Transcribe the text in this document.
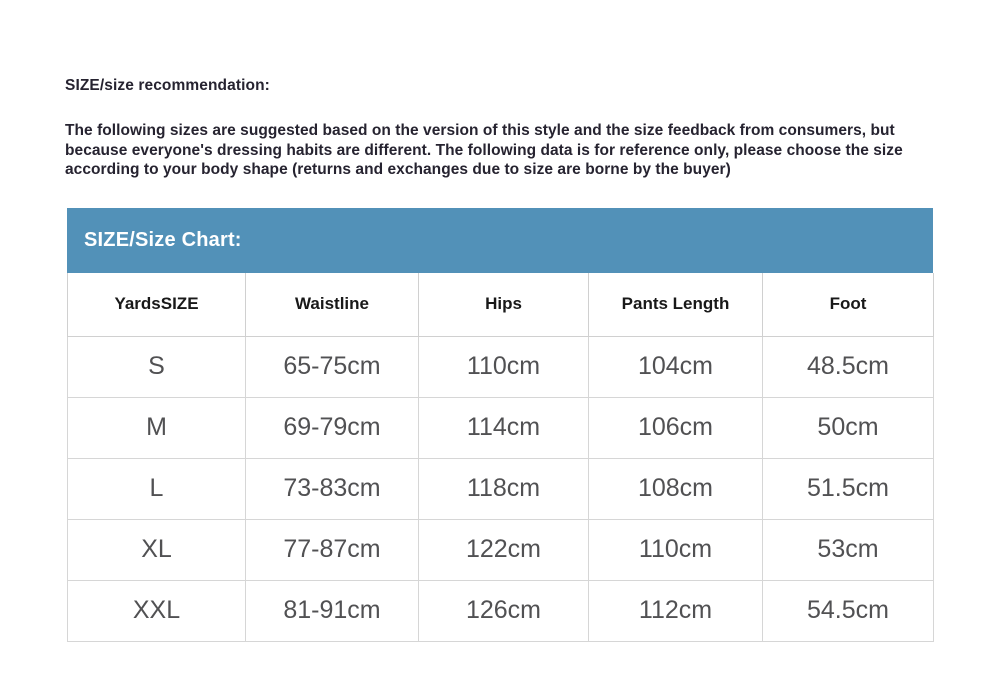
SIZE/size recommendation:
The following sizes are suggested based on the version of this style and the size feedback from consumers, but because everyone's dressing habits are different. The following data is for reference only, please choose the size according to your body shape (returns and exchanges due to size are borne by the buyer)
SIZE/Size Chart:
YardsSIZE	Waistline	Hips	Pants Length	Foot
S	65-75cm	110cm	104cm	48.5cm
M	69-79cm	114cm	106cm	50cm
L	73-83cm	118cm	108cm	51.5cm
XL	77-87cm	122cm	110cm	53cm
XXL	81-91cm	126cm	112cm	54.5cm
